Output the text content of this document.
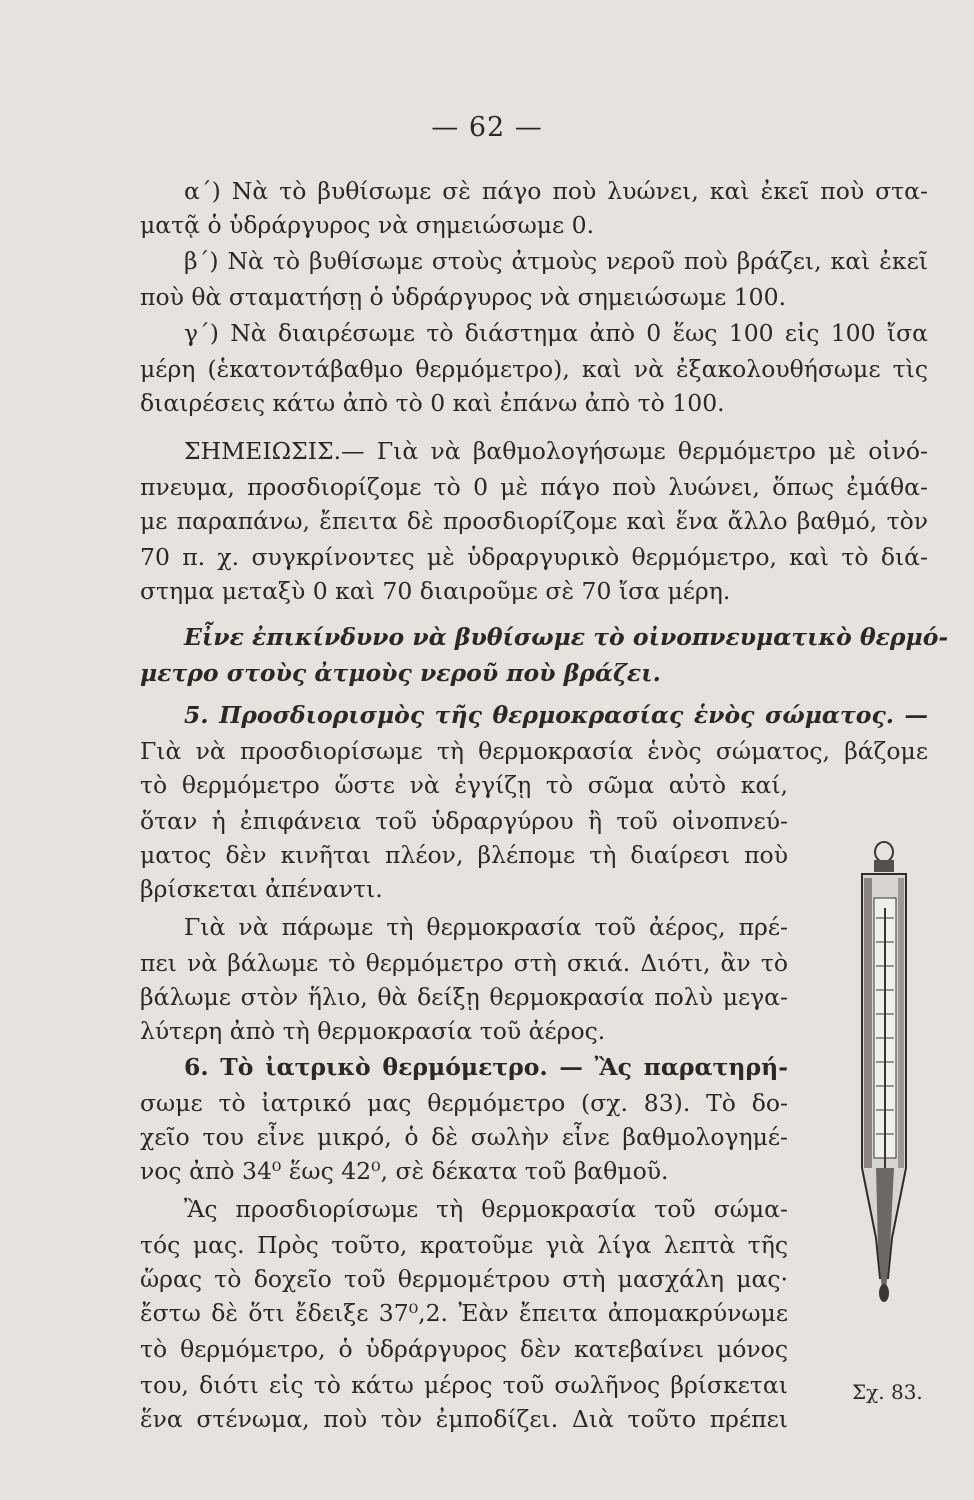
— 62 —
α΄) Νὰ τὸ βυθίσωμε σὲ πάγο ποὺ λυώνει, καὶ ἐκεῖ ποὺ στα-
ματᾷ ὁ ὑδράργυρος νὰ σημειώσωμε 0.
β΄) Νὰ τὸ βυθίσωμε στοὺς ἀτμοὺς νεροῦ ποὺ βράζει, καὶ ἐκεῖ
ποὺ θὰ σταματήσῃ ὁ ὑδράργυρος νὰ σημειώσωμε 100.
γ΄) Νὰ διαιρέσωμε τὸ διάστημα ἀπὸ 0 ἕως 100 εἰς 100 ἴσα
μέρη (ἑκατοντάβαθμο θερμόμετρο), καὶ νὰ ἐξακολουθήσωμε τὶς
διαιρέσεις κάτω ἀπὸ τὸ 0 καὶ ἐπάνω ἀπὸ τὸ 100.
ΣΗΜΕΙΩΣΙΣ.— Γιὰ νὰ βαθμολογήσωμε θερμόμετρο μὲ οἰνό-
πνευμα, προσδιορίζομε τὸ 0 μὲ πάγο ποὺ λυώνει, ὅπως ἐμάθα-
με παραπάνω, ἔπειτα δὲ προσδιορίζομε καὶ ἕνα ἄλλο βαθμό, τὸν
70 π. χ. συγκρίνοντες μὲ ὑδραργυρικὸ θερμόμετρο, καὶ τὸ διά-
στημα μεταξὺ 0 καὶ 70 διαιροῦμε σὲ 70 ἴσα μέρη.
Εἶνε ἐπικίνδυνο νὰ βυθίσωμε τὸ οἰνοπνευματικὸ θερμό-
μετρο στοὺς ἀτμοὺς νεροῦ ποὺ βράζει.
5. Προσδιορισμὸς τῆς θερμοκρασίας ἑνὸς σώματος. —
Γιὰ νὰ προσδιορίσωμε τὴ θερμοκρασία ἑνὸς σώματος, βάζομε
τὸ θερμόμετρο ὥστε νὰ ἐγγίζῃ τὸ σῶμα αὐτὸ καί,
ὅταν ἡ ἐπιφάνεια τοῦ ὑδραργύρου ἢ τοῦ οἰνοπνεύ-
ματος δὲν κινῆται πλέον, βλέπομε τὴ διαίρεσι ποὺ
βρίσκεται ἀπέναντι.
Γιὰ νὰ πάρωμε τὴ θερμοκρασία τοῦ ἀέρος, πρέ-
πει νὰ βάλωμε τὸ θερμόμετρο στὴ σκιά. Διότι, ἂν τὸ
βάλωμε στὸν ἥλιο, θὰ δείξῃ θερμοκρασία πολὺ μεγα-
λύτερη ἀπὸ τὴ θερμοκρασία τοῦ ἀέρος.
6. Τὸ ἰατρικὸ θερμόμετρο. — Ἂς παρατηρή-
σωμε τὸ ἰατρικό μας θερμόμετρο (σχ. 83). Τὸ δο-
χεῖο του εἶνε μικρό, ὁ δὲ σωλὴν εἶνε βαθμολογημέ-
νος ἀπὸ 34⁰ ἕως 42⁰, σὲ δέκατα τοῦ βαθμοῦ.
Ἂς προσδιορίσωμε τὴ θερμοκρασία τοῦ σώμα-
τός μας. Πρὸς τοῦτο, κρατοῦμε γιὰ λίγα λεπτὰ τῆς
ὥρας τὸ δοχεῖο τοῦ θερμομέτρου στὴ μασχάλη μας·
ἔστω δὲ ὅτι ἔδειξε 37⁰,2. Ἐὰν ἔπειτα ἀπομακρύνωμε
τὸ θερμόμετρο, ὁ ὑδράργυρος δὲν κατεβαίνει μόνος
του, διότι εἰς τὸ κάτω μέρος τοῦ σωλῆνος βρίσκεται
ἕνα στένωμα, ποὺ τὸν ἐμποδίζει. Διὰ τοῦτο πρέπει
Σχ. 83.
